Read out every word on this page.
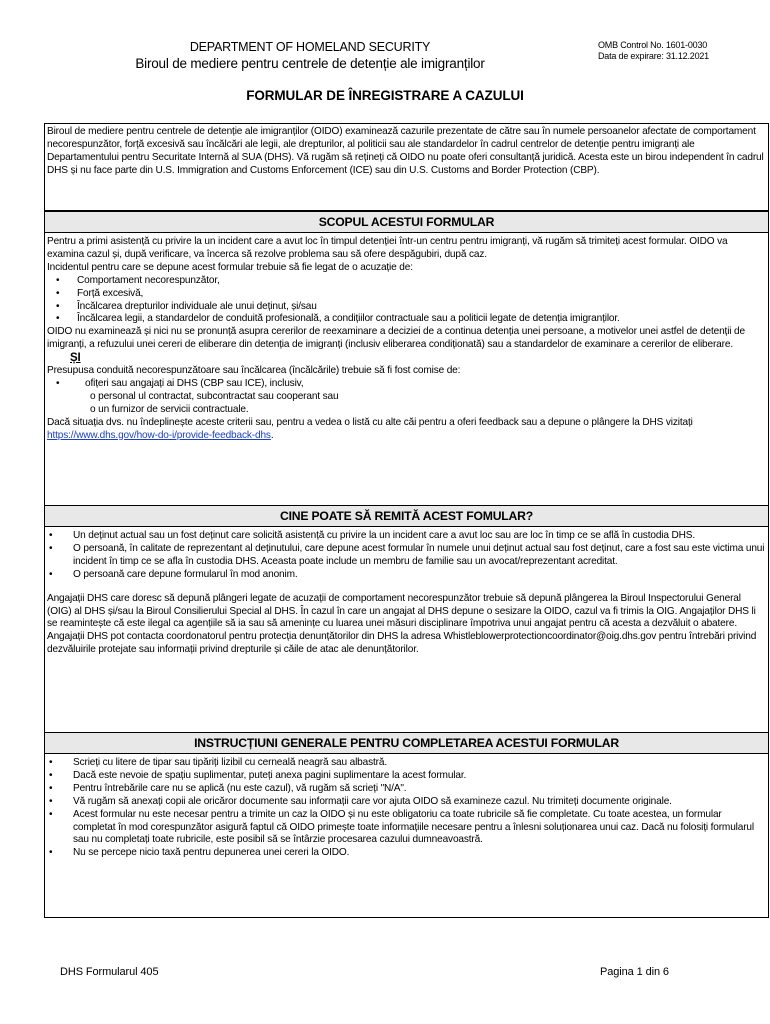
DEPARTMENT OF HOMELAND SECURITY
Biroul de mediere pentru centrele de detenție ale imigranților
OMB Control No. 1601-0030
Data de expirare: 31.12.2021
FORMULAR DE ÎNREGISTRARE A CAZULUI

Biroul de mediere pentru centrele de detenție ale imigranților (OIDO) examinează cazurile prezentate de către sau în numele persoanelor afectate de comportament necorespunzător, forță excesivă sau încălcări ale legii, ale drepturilor, al politicii sau ale standardelor în cadrul centrelor de detenție pentru imigranți ale Departamentului pentru Securitate Internă al SUA (DHS). Vă rugăm să rețineți că OIDO nu poate oferi consultanță juridică. Acesta este un birou independent în cadrul DHS și nu face parte din U.S. Immigration and Customs Enforcement (ICE) sau din U.S. Customs and Border Protection (CBP).

SCOPUL ACESTUI FORMULAR

Pentru a primi asistență cu privire la un incident care a avut loc în timpul detenției într-un centru pentru imigranți, vă rugăm să trimiteți acest formular. OIDO va examina cazul și, după verificare, va încerca să rezolve problema sau să ofere despăgubiri, după caz.

Incidentul pentru care se depune acest formular trebuie să fie legat de o acuzație de:

• Comportament necorespunzător,
• Forță excesivă,
• Încălcarea drepturilor individuale ale unui deținut, și/sau
• Încălcarea legii, a standardelor de conduită profesională, a condițiilor contractuale sau a politicii legate de detenția imigranților.

OIDO nu examinează și nici nu se pronunță asupra cererilor de reexaminare a deciziei de a continua detenția unei persoane, a motivelor unei astfel de detenții de imigranți, a refuzului unei cereri de eliberare din detenția de imigranți (inclusiv eliberarea condiționată) sau a standardelor de examinare a cererilor de eliberare.

ȘI

Presupusa conduită necorespunzătoare sau încălcarea (încălcările) trebuie să fi fost comise de:

• ofițeri sau angajați ai DHS (CBP sau ICE), inclusiv,
o personal ul contractat, subcontractat sau cooperant sau
o un furnizor de servicii contractuale.

Dacă situația dvs. nu îndeplinește aceste criterii sau, pentru a vedea o listă cu alte căi pentru a oferi feedback sau a depune o plângere la DHS vizitați https://www.dhs.gov/how-do-i/provide-feedback-dhs.

CINE POATE SĂ REMITĂ ACEST FOMULAR?
• Un deținut actual sau un fost deținut care solicită asistență cu privire la un incident care a avut loc sau are loc în timp ce se află în custodia DHS.
• O persoană, în calitate de reprezentant al deținutului, care depune acest formular în numele unui deținut actual sau fost deținut, care a fost sau este victima unui incident în timp ce se afla în custodia DHS. Aceasta poate include un membru de familie sau un avocat/reprezentant acreditat.
• O persoană care depune formularul în mod anonim.

Angajații DHS care doresc să depună plângeri legate de acuzații de comportament necorespunzător trebuie să depună plângerea la Biroul Inspectorului General (OIG) al DHS și/sau la Biroul Consilierului Special al DHS. În cazul în care un angajat al DHS depune o sesizare la OIDO, cazul va fi trimis la OIG. Angajaților DHS li se reamintește că este ilegal ca agențiile să ia sau să amenințe cu luarea unei măsuri disciplinare împotriva unui angajat pentru că acesta a dezvăluit o abatere. Angajații DHS pot contacta coordonatorul pentru protecția denunțătorilor din DHS la adresa Whistleblowerprotectioncoordinator@oig.dhs.gov pentru întrebări privind dezvăluirile protejate sau informații privind drepturile și căile de atac ale denunțătorilor.

INSTRUCȚIUNI GENERALE PENTRU COMPLETAREA ACESTUI FORMULAR
• Scrieți cu litere de tipar sau tipăriți lizibil cu cerneală neagră sau albastră.
• Dacă este nevoie de spațiu suplimentar, puteți anexa pagini suplimentare la acest formular.
• Pentru întrebările care nu se aplică (nu este cazul), vă rugăm să scrieți "N/A".
• Vă rugăm să anexați copii ale oricăror documente sau informații care vor ajuta OIDO să examineze cazul. Nu trimiteți documente originale.
• Acest formular nu este necesar pentru a trimite un caz la OIDO și nu este obligatoriu ca toate rubricile să fie completate. Cu toate acestea, un formular completat în mod corespunzător asigură faptul că OIDO primește toate informațiile necesare pentru a înlesni soluționarea unui caz. Dacă nu folosiți formularul sau nu completați toate rubricile, este posibil să se întârzie procesarea cazului dumneavoastră.
• Nu se percepe nicio taxă pentru depunerea unei cereri la OIDO.
DHS Formularul 405	Pagina 1 din 6
